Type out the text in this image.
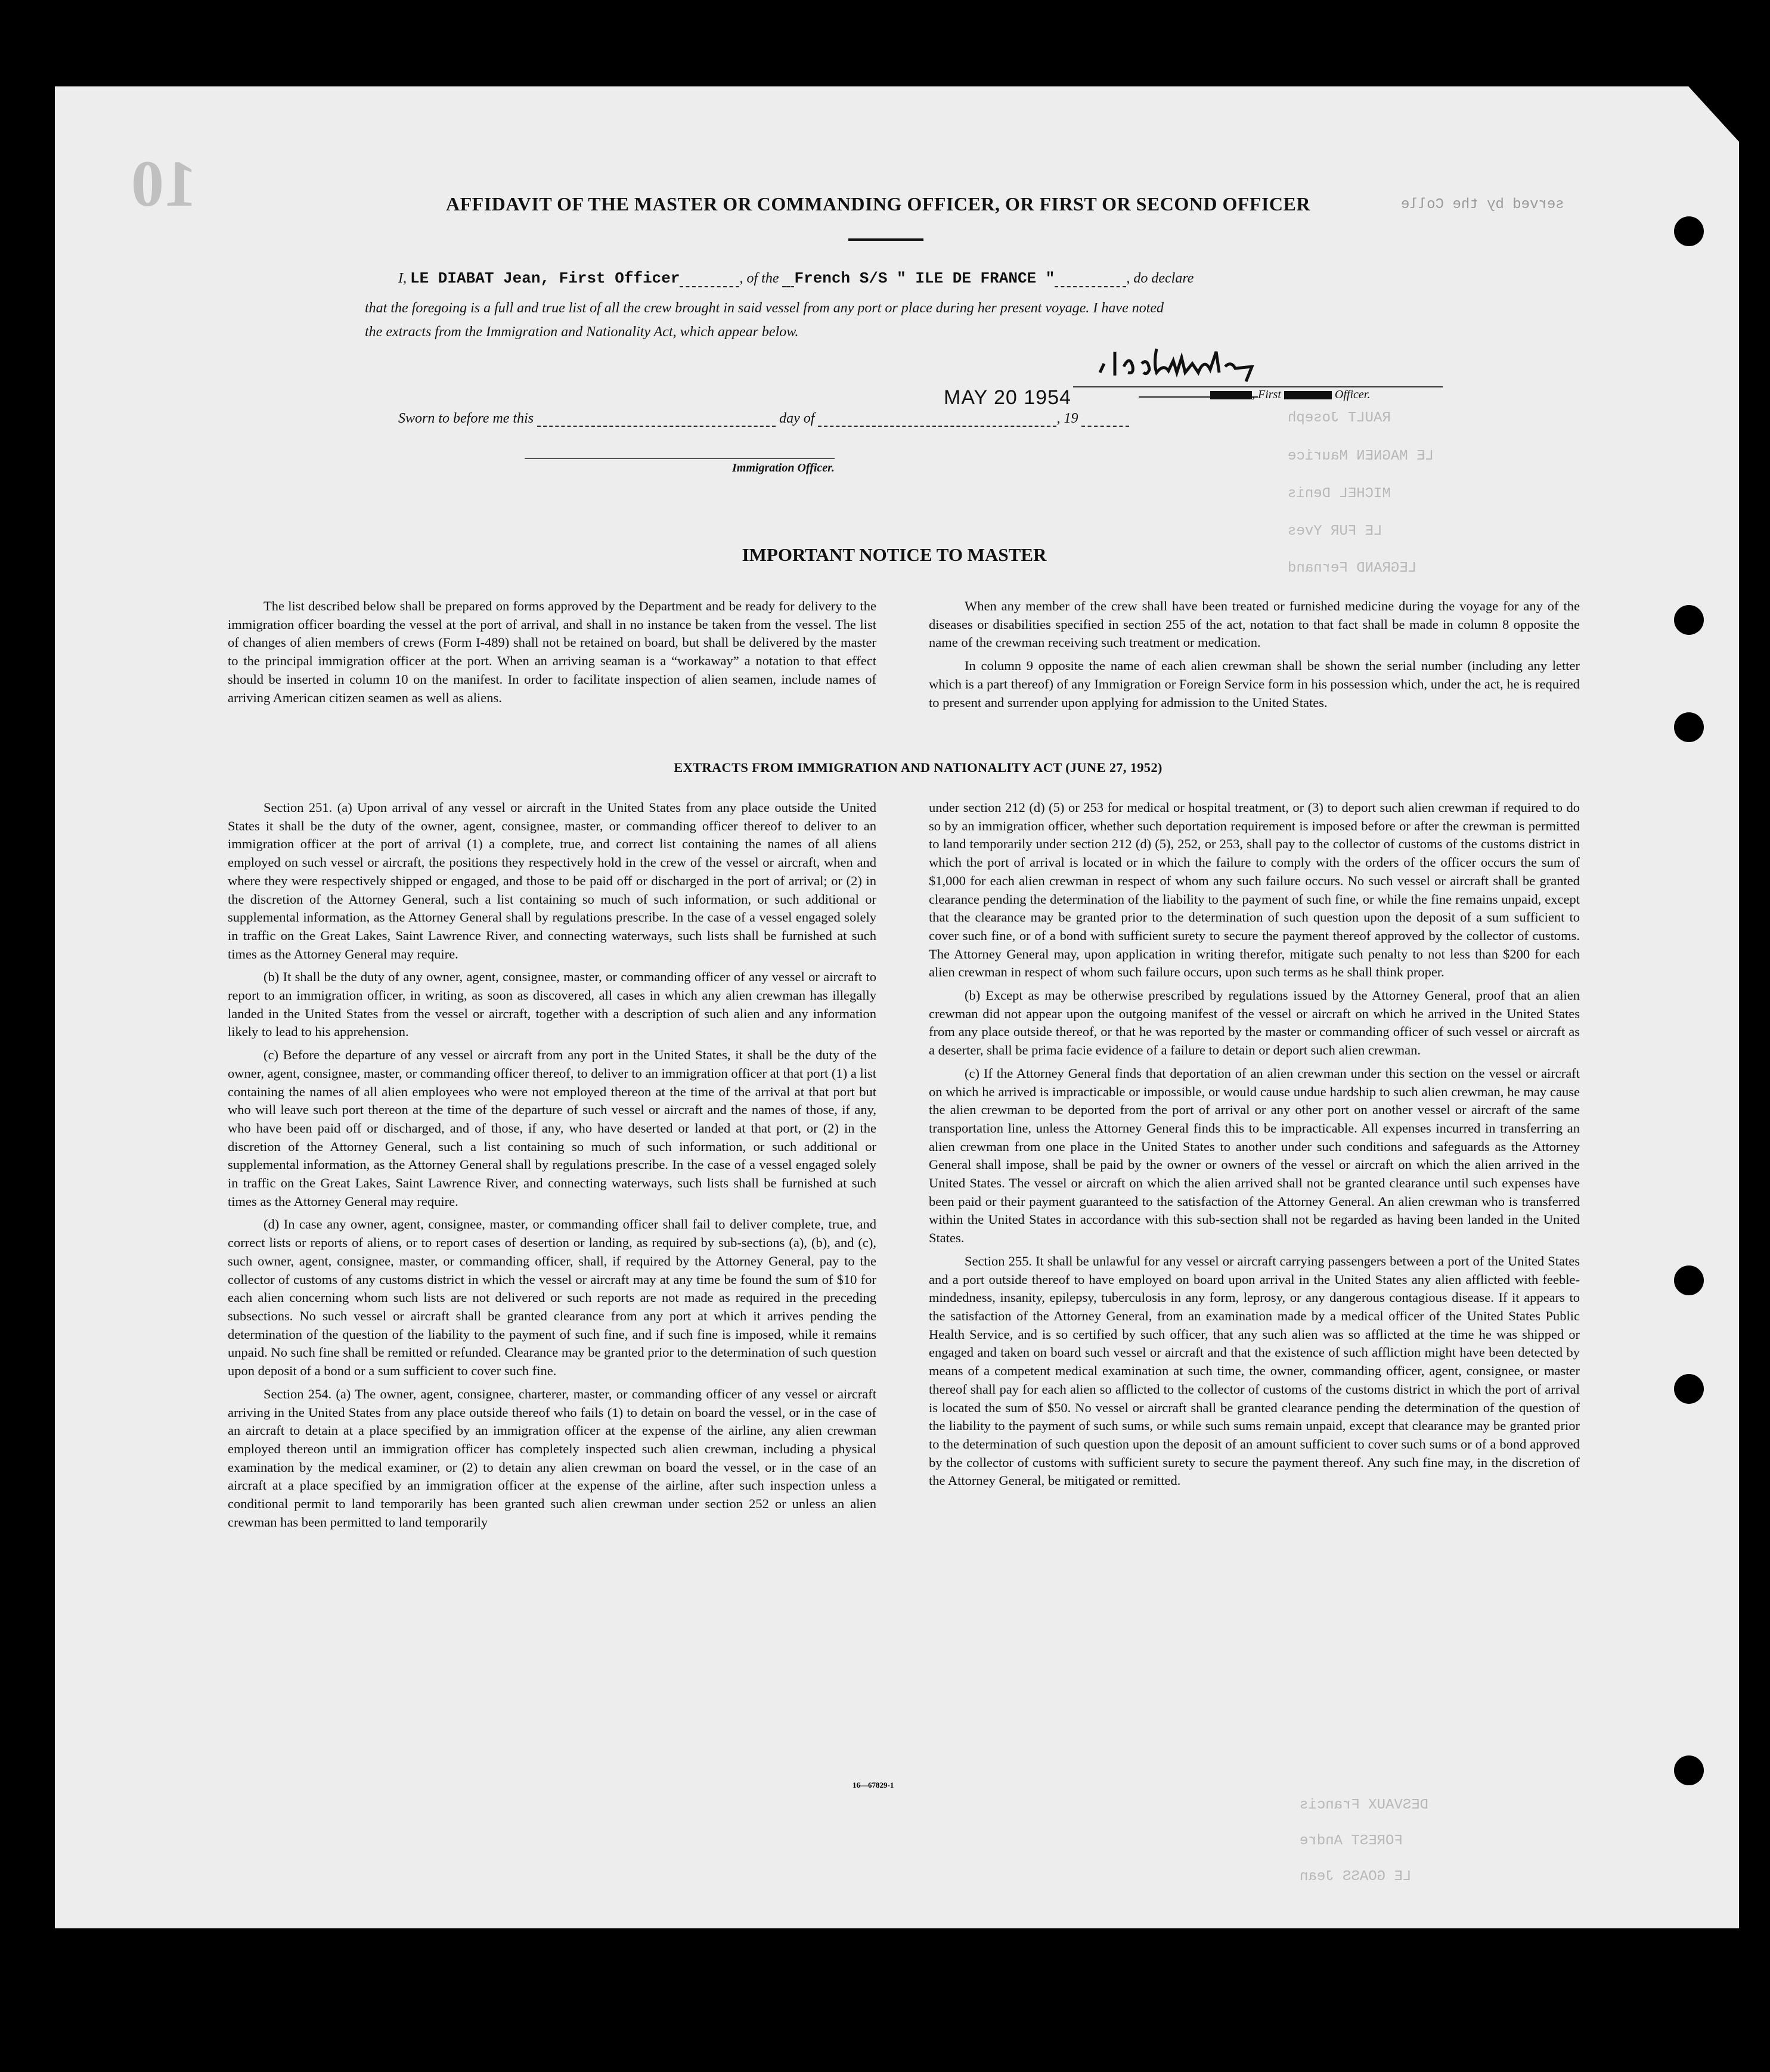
10	served by the Colle
RAULT Joseph
LE MAGNEN Maurice
MICHEL Denis
LE FUR Yves
LEGRAND Fernand
DESVAUX Francis
FOREST Andre
LE GOASS Jean
AFFIDAVIT OF THE MASTER OR COMMANDING OFFICER, OR FIRST OR SECOND OFFICER
I, LE DIABAT Jean, First Officer	, of the French S/S " ILE DE FRANCE "	, do declare
that the foregoing is a full and true list of all the crew brought in said vessel from any port or place during her present voyage. I have noted
the extracts from the Immigration and Nationality Act, which appear below.
, First	Officer.
MAY 20 1954
Sworn to before me this	day of	, 19
Immigration Officer.
IMPORTANT NOTICE TO MASTER

The list described below shall be prepared on forms approved by the Department and be ready for delivery to the immigration officer boarding the vessel at the port of arrival, and shall in no instance be taken from the vessel. The list of changes of alien members of crews (Form I-489) shall not be retained on board, but shall be delivered by the master to the principal immigration officer at the port. When an arriving seaman is a “workaway” a notation to that effect should be inserted in column 10 on the manifest. In order to facilitate inspection of alien seamen, include names of arriving American citizen seamen as well as aliens.

When any member of the crew shall have been treated or furnished medicine during the voyage for any of the diseases or disabilities specified in section 255 of the act, notation to that fact shall be made in column 8 opposite the name of the crewman receiving such treatment or medication.

In column 9 opposite the name of each alien crewman shall be shown the serial number (including any letter which is a part thereof) of any Immigration or Foreign Service form in his possession which, under the act, he is required to present and surrender upon applying for admission to the United States.

EXTRACTS FROM IMMIGRATION AND NATIONALITY ACT (JUNE 27, 1952)

Section 251. (a) Upon arrival of any vessel or aircraft in the United States from any place outside the United States it shall be the duty of the owner, agent, consignee, master, or commanding officer thereof to deliver to an immigration officer at the port of arrival (1) a complete, true, and correct list containing the names of all aliens employed on such vessel or aircraft, the positions they respectively hold in the crew of the vessel or aircraft, when and where they were respectively shipped or engaged, and those to be paid off or discharged in the port of arrival; or (2) in the discretion of the Attorney General, such a list containing so much of such information, or such additional or supplemental information, as the Attorney General shall by regulations prescribe. In the case of a vessel engaged solely in traffic on the Great Lakes, Saint Lawrence River, and connecting waterways, such lists shall be furnished at such times as the Attorney General may require.

(b) It shall be the duty of any owner, agent, consignee, master, or commanding officer of any vessel or aircraft to report to an immigration officer, in writing, as soon as discovered, all cases in which any alien crewman has illegally landed in the United States from the vessel or aircraft, together with a description of such alien and any information likely to lead to his apprehension.

(c) Before the departure of any vessel or aircraft from any port in the United States, it shall be the duty of the owner, agent, consignee, master, or commanding officer thereof, to deliver to an immigration officer at that port (1) a list containing the names of all alien employees who were not employed thereon at the time of the arrival at that port but who will leave such port thereon at the time of the departure of such vessel or aircraft and the names of those, if any, who have been paid off or discharged, and of those, if any, who have deserted or landed at that port, or (2) in the discretion of the Attorney General, such a list containing so much of such information, or such additional or supplemental information, as the Attorney General shall by regulations prescribe. In the case of a vessel engaged solely in traffic on the Great Lakes, Saint Lawrence River, and connecting waterways, such lists shall be furnished at such times as the Attorney General may require.

(d) In case any owner, agent, consignee, master, or commanding officer shall fail to deliver complete, true, and correct lists or reports of aliens, or to report cases of desertion or landing, as required by sub-sections (a), (b), and (c), such owner, agent, consignee, master, or commanding officer, shall, if required by the Attorney General, pay to the collector of customs of any customs district in which the vessel or aircraft may at any time be found the sum of $10 for each alien concerning whom such lists are not delivered or such reports are not made as required in the preceding subsections. No such vessel or aircraft shall be granted clearance from any port at which it arrives pending the determination of the question of the liability to the payment of such fine, and if such fine is imposed, while it remains unpaid. No such fine shall be remitted or refunded. Clearance may be granted prior to the determination of such question upon deposit of a bond or a sum sufficient to cover such fine.

Section 254. (a) The owner, agent, consignee, charterer, master, or commanding officer of any vessel or aircraft arriving in the United States from any place outside thereof who fails (1) to detain on board the vessel, or in the case of an aircraft to detain at a place specified by an immigration officer at the expense of the airline, any alien crewman employed thereon until an immigration officer has completely inspected such alien crewman, including a physical examination by the medical examiner, or (2) to detain any alien crewman on board the vessel, or in the case of an aircraft at a place specified by an immigration officer at the expense of the airline, after such inspection unless a conditional permit to land temporarily has been granted such alien crewman under section 252 or unless an alien crewman has been permitted to land temporarily

under section 212 (d) (5) or 253 for medical or hospital treatment, or (3) to deport such alien crewman if required to do so by an immigration officer, whether such deportation requirement is imposed before or after the crewman is permitted to land temporarily under section 212 (d) (5), 252, or 253, shall pay to the collector of customs of the customs district in which the port of arrival is located or in which the failure to comply with the orders of the officer occurs the sum of $1,000 for each alien crewman in respect of whom any such failure occurs. No such vessel or aircraft shall be granted clearance pending the determination of the liability to the payment of such fine, or while the fine remains unpaid, except that the clearance may be granted prior to the determination of such question upon the deposit of a sum sufficient to cover such fine, or of a bond with sufficient surety to secure the payment thereof approved by the collector of customs. The Attorney General may, upon application in writing therefor, mitigate such penalty to not less than $200 for each alien crewman in respect of whom such failure occurs, upon such terms as he shall think proper.

(b) Except as may be otherwise prescribed by regulations issued by the Attorney General, proof that an alien crewman did not appear upon the outgoing manifest of the vessel or aircraft on which he arrived in the United States from any place outside thereof, or that he was reported by the master or commanding officer of such vessel or aircraft as a deserter, shall be prima facie evidence of a failure to detain or deport such alien crewman.

(c) If the Attorney General finds that deportation of an alien crewman under this section on the vessel or aircraft on which he arrived is impracticable or impossible, or would cause undue hardship to such alien crewman, he may cause the alien crewman to be deported from the port of arrival or any other port on another vessel or aircraft of the same transportation line, unless the Attorney General finds this to be impracticable. All expenses incurred in transferring an alien crewman from one place in the United States to another under such conditions and safeguards as the Attorney General shall impose, shall be paid by the owner or owners of the vessel or aircraft on which the alien arrived in the United States. The vessel or aircraft on which the alien arrived shall not be granted clearance until such expenses have been paid or their payment guaranteed to the satisfaction of the Attorney General. An alien crewman who is transferred within the United States in accordance with this sub-section shall not be regarded as having been landed in the United States.

Section 255. It shall be unlawful for any vessel or aircraft carrying passengers between a port of the United States and a port outside thereof to have employed on board upon arrival in the United States any alien afflicted with feeble-mindedness, insanity, epilepsy, tuberculosis in any form, leprosy, or any dangerous contagious disease. If it appears to the satisfaction of the Attorney General, from an examination made by a medical officer of the United States Public Health Service, and is so certified by such officer, that any such alien was so afflicted at the time he was shipped or engaged and taken on board such vessel or aircraft and that the existence of such affliction might have been detected by means of a competent medical examination at such time, the owner, commanding officer, agent, consignee, or master thereof shall pay for each alien so afflicted to the collector of customs of the customs district in which the port of arrival is located the sum of $50. No vessel or aircraft shall be granted clearance pending the determination of the question of the liability to the payment of such sums, or while such sums remain unpaid, except that clearance may be granted prior to the determination of such question upon the deposit of an amount sufficient to cover such sums or of a bond approved by the collector of customs with sufficient surety to secure the payment thereof. Any such fine may, in the discretion of the Attorney General, be mitigated or remitted.

16—67829-1
